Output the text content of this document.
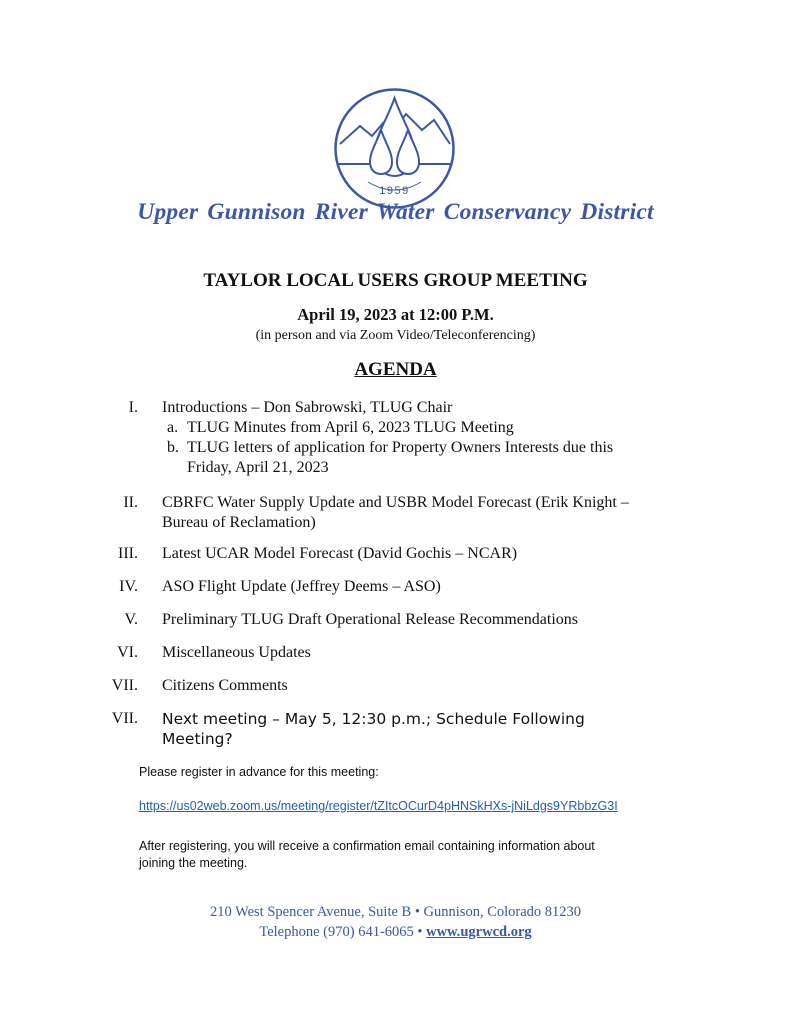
1959
Upper Gunnison River Water Conservancy District
TAYLOR LOCAL USERS GROUP MEETING
April 19, 2023 at 12:00 P.M.
(in person and via Zoom Video/Teleconferencing)
AGENDA
I. Introductions – Don Sabrowski, TLUG Chair
a. TLUG Minutes from April 6, 2023 TLUG Meeting
b. TLUG letters of application for Property Owners Interests due this
Friday, April 21, 2023
II. CBRFC Water Supply Update and USBR Model Forecast (Erik Knight –
Bureau of Reclamation)
III. Latest UCAR Model Forecast (David Gochis – NCAR)
IV. ASO Flight Update (Jeffrey Deems – ASO)
V. Preliminary TLUG Draft Operational Release Recommendations
VI. Miscellaneous Updates
VII. Citizens Comments
VII. Next meeting – May 5, 12:30 p.m.; Schedule Following
Meeting?
Please register in advance for this meeting:
https://us02web.zoom.us/meeting/register/tZItcOCurD4pHNSkHXs-jNiLdgs9YRbbzG3I
After registering, you will receive a confirmation email containing information about
joining the meeting.
210 West Spencer Avenue, Suite B • Gunnison, Colorado 81230
Telephone (970) 641-6065 • www.ugrwcd.org
